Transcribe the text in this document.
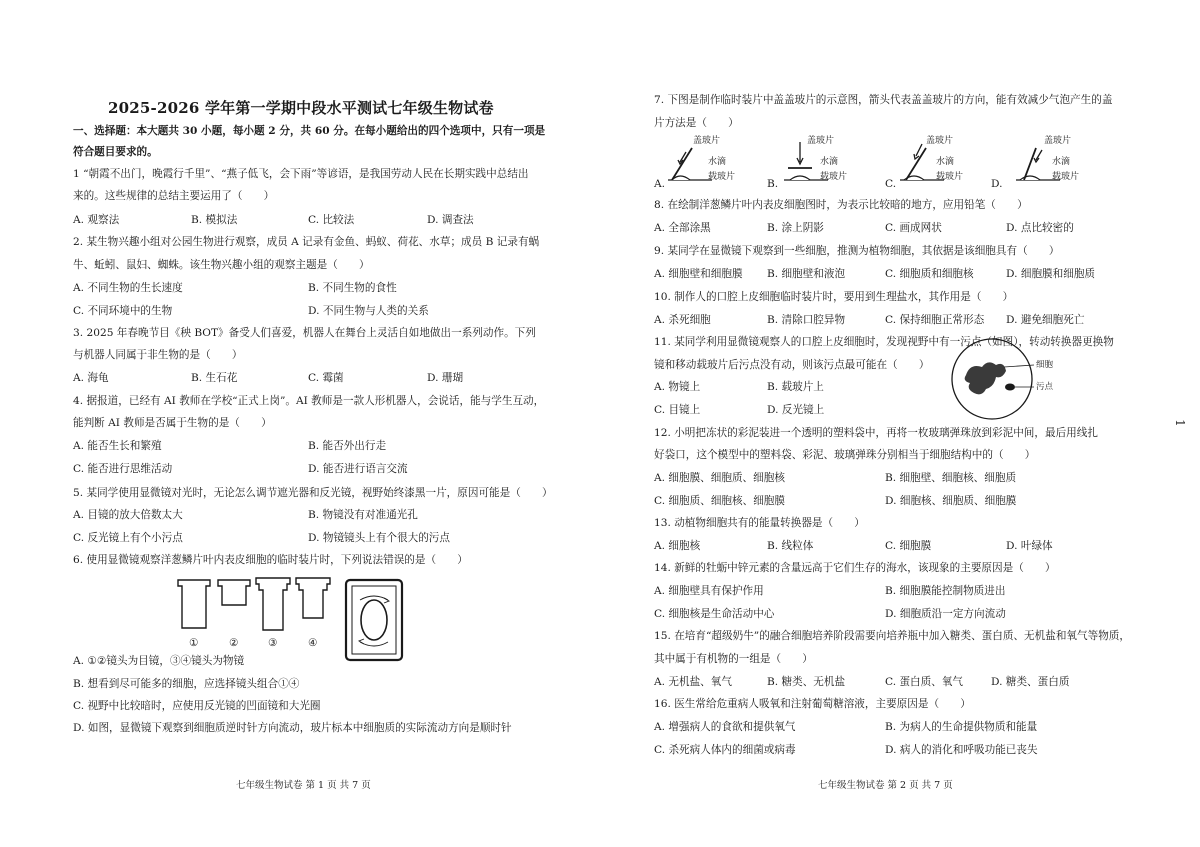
2025-2026 学年第一学期中段水平测试七年级生物试卷
一、选择题：本大题共 30 小题，每小题 2 分，共 60 分。在每小题给出的四个选项中，只有一项是
符合题目要求的。
1 “朝霞不出门，晚霞行千里”、“燕子低飞，会下雨”等谚语，是我国劳动人民在长期实践中总结出
来的。这些规律的总结主要运用了（　　）
A. 观察法	B. 模拟法	C. 比较法	D. 调查法
2. 某生物兴趣小组对公园生物进行观察，成员 A 记录有金鱼、蚂蚁、荷花、水草；成员 B 记录有蜗
牛、蚯蚓、鼠妇、蜘蛛。该生物兴趣小组的观察主题是（　　）
A. 不同生物的生长速度	B. 不同生物的食性
C. 不同环境中的生物	D. 不同生物与人类的关系
3. 2025 年春晚节目《秧 BOT》备受人们喜爱，机器人在舞台上灵活自如地做出一系列动作。下列
与机器人同属于非生物的是（　　）
A. 海龟	B. 生石花	C. 霉菌	D. 珊瑚
4. 据报道，已经有 AI 教师在学校“正式上岗”。AI 教师是一款人形机器人，会说话，能与学生互动，
能判断 AI 教师是否属于生物的是（　　）
A. 能否生长和繁殖	B. 能否外出行走
C. 能否进行思维活动	D. 能否进行语言交流
5. 某同学使用显微镜对光时，无论怎么调节遮光器和反光镜，视野始终漆黑一片，原因可能是（　　）
A. 目镜的放大倍数太大	B. 物镜没有对准通光孔
C. 反光镜上有个小污点	D. 物镜镜头上有个很大的污点
6. 使用显微镜观察洋葱鳞片叶内表皮细胞的临时装片时，下列说法错误的是（　　）
①	②	③	④
A. ①②镜头为目镜，③④镜头为物镜
B. 想看到尽可能多的细胞，应选择镜头组合①④
C. 视野中比较暗时，应使用反光镜的凹面镜和大光圈
D. 如图，显微镜下观察到细胞质逆时针方向流动，玻片标本中细胞质的实际流动方向是顺时针
七年级生物试卷 第 1 页 共 7 页
7. 下图是制作临时装片中盖盖玻片的示意图，箭头代表盖盖玻片的方向，能有效减少气泡产生的盖
片方法是（　　）
盖玻片
水滴
载玻片
盖玻片
水滴
载玻片
盖玻片
水滴
载玻片
盖玻片
水滴
载玻片
A.	B.	C.	D.
8. 在绘制洋葱鳞片叶内表皮细胞图时，为表示比较暗的地方，应用铅笔（　　）
A. 全部涂黑	B. 涂上阴影	C. 画成网状	D. 点比较密的
9. 某同学在显微镜下观察到一些细胞，推测为植物细胞，其依据是该细胞具有（　　）
A. 细胞壁和细胞膜 B. 细胞壁和液泡	C. 细胞质和细胞核	D. 细胞膜和细胞质
10. 制作人的口腔上皮细胞临时装片时，要用到生理盐水，其作用是（　　）
A. 杀死细胞	B. 清除口腔异物	C. 保持细胞正常形态 D. 避免细胞死亡
11. 某同学利用显微镜观察人的口腔上皮细胞时，发现视野中有一污点（如图），转动转换器更换物
镜和移动载玻片后污点没有动，则该污点最可能在（　　）
A. 物镜上	B. 载玻片上
C. 目镜上	D. 反光镜上
细胞
污点
12. 小明把冻状的彩泥装进一个透明的塑料袋中，再将一枚玻璃弹珠放到彩泥中间，最后用线扎
好袋口，这个模型中的塑料袋、彩泥、玻璃弹珠分别相当于细胞结构中的（　　）
A. 细胞膜、细胞质、细胞核	B. 细胞壁、细胞核、细胞质
C. 细胞质、细胞核、细胞膜	D. 细胞核、细胞质、细胞膜
13. 动植物细胞共有的能量转换器是（　　）
A. 细胞核	B. 线粒体	C. 细胞膜	D. 叶绿体
14. 新鲜的牡蛎中锌元素的含量远高于它们生存的海水，该现象的主要原因是（　　）
A. 细胞壁具有保护作用	B. 细胞膜能控制物质进出
C. 细胞核是生命活动中心	D. 细胞质沿一定方向流动
15. 在培育“超级奶牛”的融合细胞培养阶段需要向培养瓶中加入糖类、蛋白质、无机盐和氧气等物质，
其中属于有机物的一组是（　　）
A. 无机盐、氧气	B. 糖类、无机盐	C. 蛋白质、氧气	D. 糖类、蛋白质
16. 医生常给危重病人吸氧和注射葡萄糖溶液，主要原因是（　　）
A. 增强病人的食欲和提供氧气	B. 为病人的生命提供物质和能量
C. 杀死病人体内的细菌或病毒	D. 病人的消化和呼吸功能已丧失
七年级生物试卷 第 2 页 共 7 页
1
